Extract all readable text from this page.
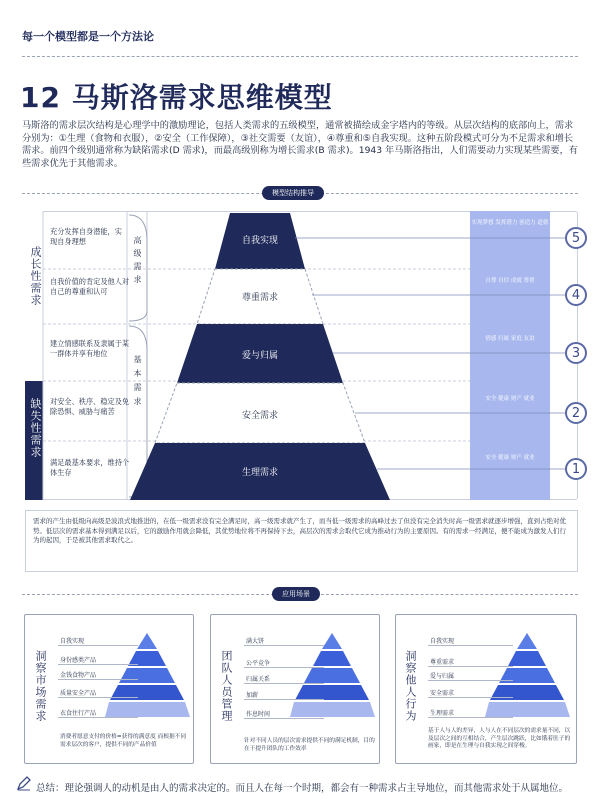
每一个模型都是一个方法论
12 马斯洛需求思维模型
马斯洛的需求层次结构是心理学中的激励理论，包括人类需求的五级模型，通常被描绘成金字塔内的等级。从层次结构的底部向上，需求分别为：①生理（食物和衣服），②安全（工作保障），③社交需要（友谊），④尊重和⑤自我实现。这种五阶段模式可分为不足需求和增长需求。前四个级别通常称为缺陷需求(D 需求)，而最高级别称为增长需求(B 需求)。1943 年马斯洛指出，人们需要动力实现某些需要，有些需求优先于其他需求。
模型结构推导
成长性需求
缺失性需求
高级需求
基本需求
充分发挥自身潜能，实现自身理想
自我价值的肯定及他人对自己的尊重和认可
建立情感联系及隶属于某一群体并享有地位
对安全、秩序、稳定及免除恐惧、威胁与痛苦
满足最基本要求，维持个体生存
自我实现
尊重需求
爱与归属
安全需求
生理需求
实现梦想 发挥潜力 创造力 道德
自尊 自信 成就 尊重
情感 归属 家庭 友谊
安全 健康 财产 就业
安全 健康 财产 就业
5
4
3
2
1
需求的产生由低级向高级是波浪式地推进的，在低一级需求没有完全满足时，高一级需求就产生了，而当低一级需求的高峰过去了但没有完全消失时高一级需求就逐步增强，直到占绝对优势。低层次的需求基本得到满足以后，它的激励作用就会降低，其优势地位将不再保持下去，高层次的需求会取代它成为推动行为的主要原因。有的需求一经满足，便不能成为激发人们行为的起因，于是被其他需求取代之。
应用场景
洞察市场需求
自我实现
身份感类产品
金钱食物产品
质量安全产品
衣食住行产品
消费者愿意支付的价格=获得的满意度 而根据不同需求层次的客户，提供不同的产品价值
团队人员管理
满大饼
公平竞争
归属关系
加薪
作息时间
针对不同人员的层次需求提供不同的满足机制，目的在于提升团队的工作效率
洞察他人行为
自我实现
尊重需求
爱与归属
安全需求
生理需求
基于人与人的差异，人与人在不同层次的需求量不同，以及层次之间的互相结合，产生层次跳跃，比如饿着肚子的画家，即是在生理与自我实现之间穿梭。
总结：理论强调人的动机是由人的需求决定的。而且人在每一个时期，都会有一种需求占主导地位，而其他需求处于从属地位。
